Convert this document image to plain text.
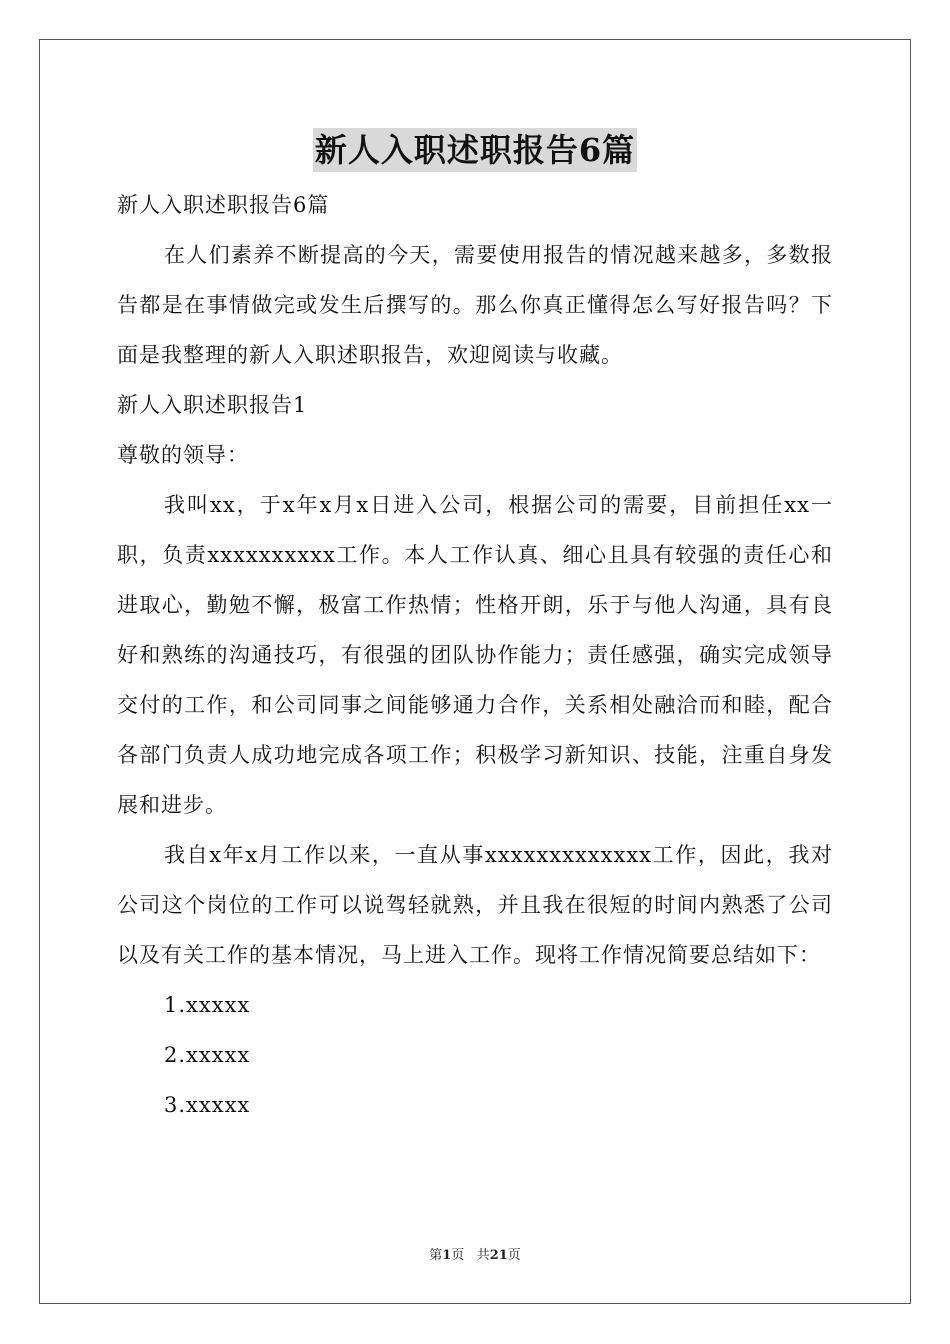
新人入职述职报告6篇

新人入职述职报告6篇

在人们素养不断提高的今天，需要使用报告的情况越来越多，多数报告都是在事情做完或发生后撰写的。那么你真正懂得怎么写好报告吗？下面是我整理的新人入职述职报告，欢迎阅读与收藏。

新人入职述职报告1

尊敬的领导：

我叫xx，于x年x月x日进入公司，根据公司的需要，目前担任xx一职，负责xxxxxxxxxx工作。本人工作认真、细心且具有较强的责任心和进取心，勤勉不懈，极富工作热情；性格开朗，乐于与他人沟通，具有良好和熟练的沟通技巧，有很强的团队协作能力；责任感强，确实完成领导交付的工作，和公司同事之间能够通力合作，关系相处融洽而和睦，配合各部门负责人成功地完成各项工作；积极学习新知识、技能，注重自身发展和进步。

我自x年x月工作以来，一直从事xxxxxxxxxxxxx工作，因此，我对公司这个岗位的工作可以说驾轻就熟，并且我在很短的时间内熟悉了公司以及有关工作的基本情况，马上进入工作。现将工作情况简要总结如下：

1.xxxxx

2.xxxxx

3.xxxxx

第1页 共21页
